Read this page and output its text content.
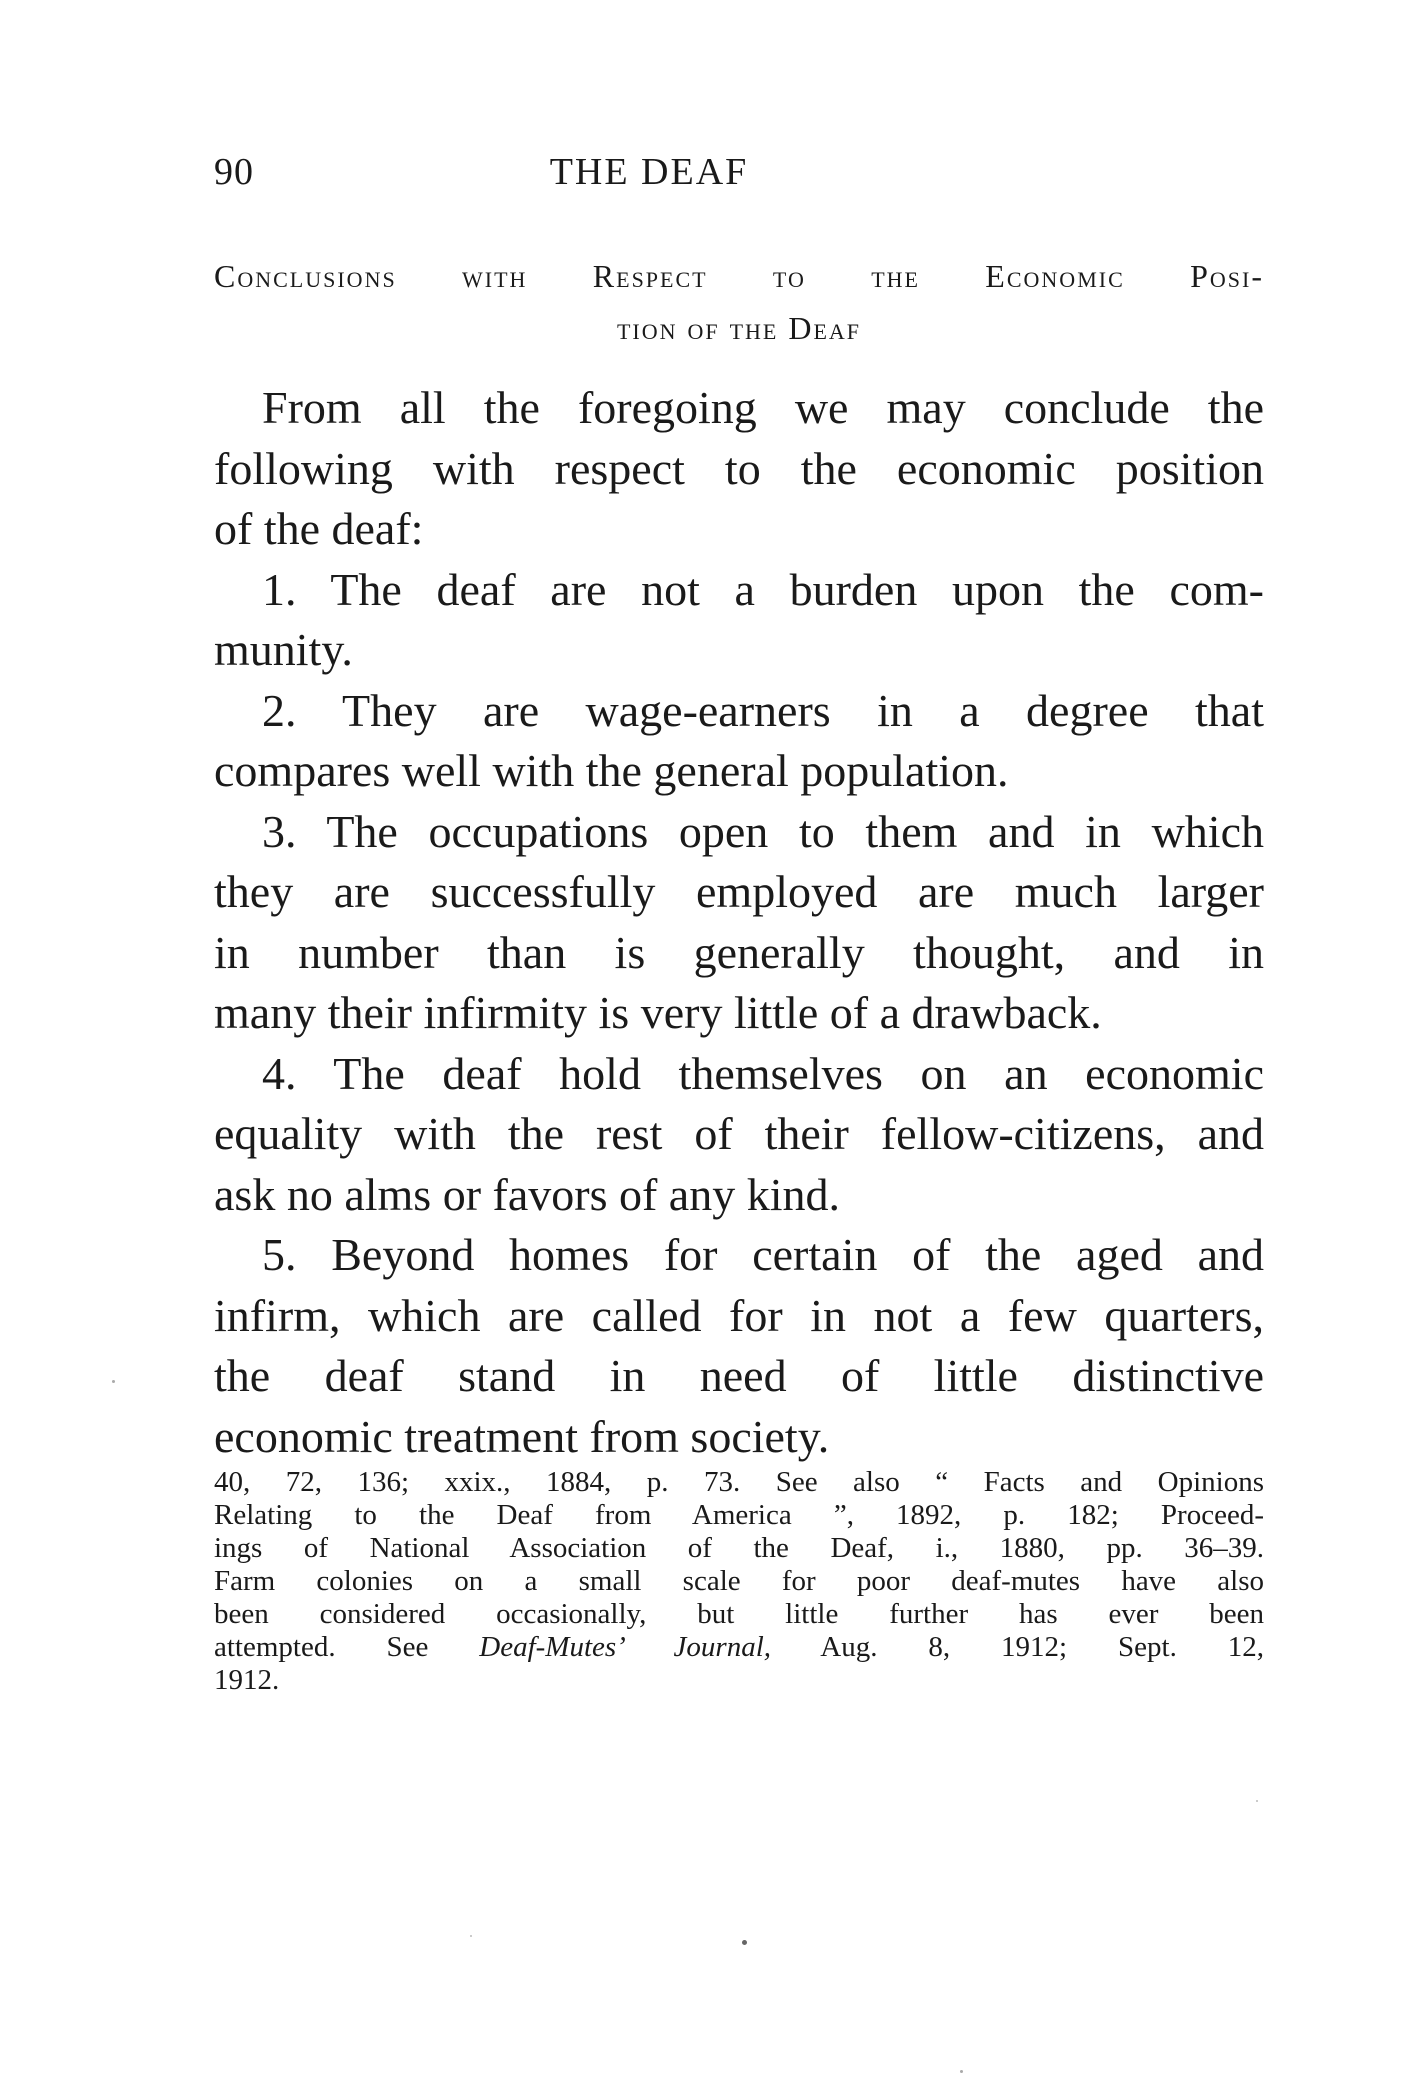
90	THE DEAF
Conclusions with Respect to the Economic Posi-
tion of the Deaf
From all the foregoing we may conclude the
following with respect to the economic position
of the deaf:
1. The deaf are not a burden upon the com-
munity.
2. They are wage-earners in a degree that
compares well with the general population.
3. The occupations open to them and in which
they are successfully employed are much larger
in number than is generally thought, and in
many their infirmity is very little of a drawback.
4. The deaf hold themselves on an economic
equality with the rest of their fellow-citizens, and
ask no alms or favors of any kind.
5. Beyond homes for certain of the aged and
infirm, which are called for in not a few quarters,
the deaf stand in need of little distinctive
economic treatment from society.
40, 72, 136; xxix., 1884, p. 73. See also “ Facts and Opinions
Relating to the Deaf from America ”, 1892, p. 182; Proceed-
ings of National Association of the Deaf, i., 1880, pp. 36–39.
Farm colonies on a small scale for poor deaf-mutes have also
been considered occasionally, but little further has ever been
attempted. See Deaf-Mutes’ Journal, Aug. 8, 1912; Sept. 12,
1912.
